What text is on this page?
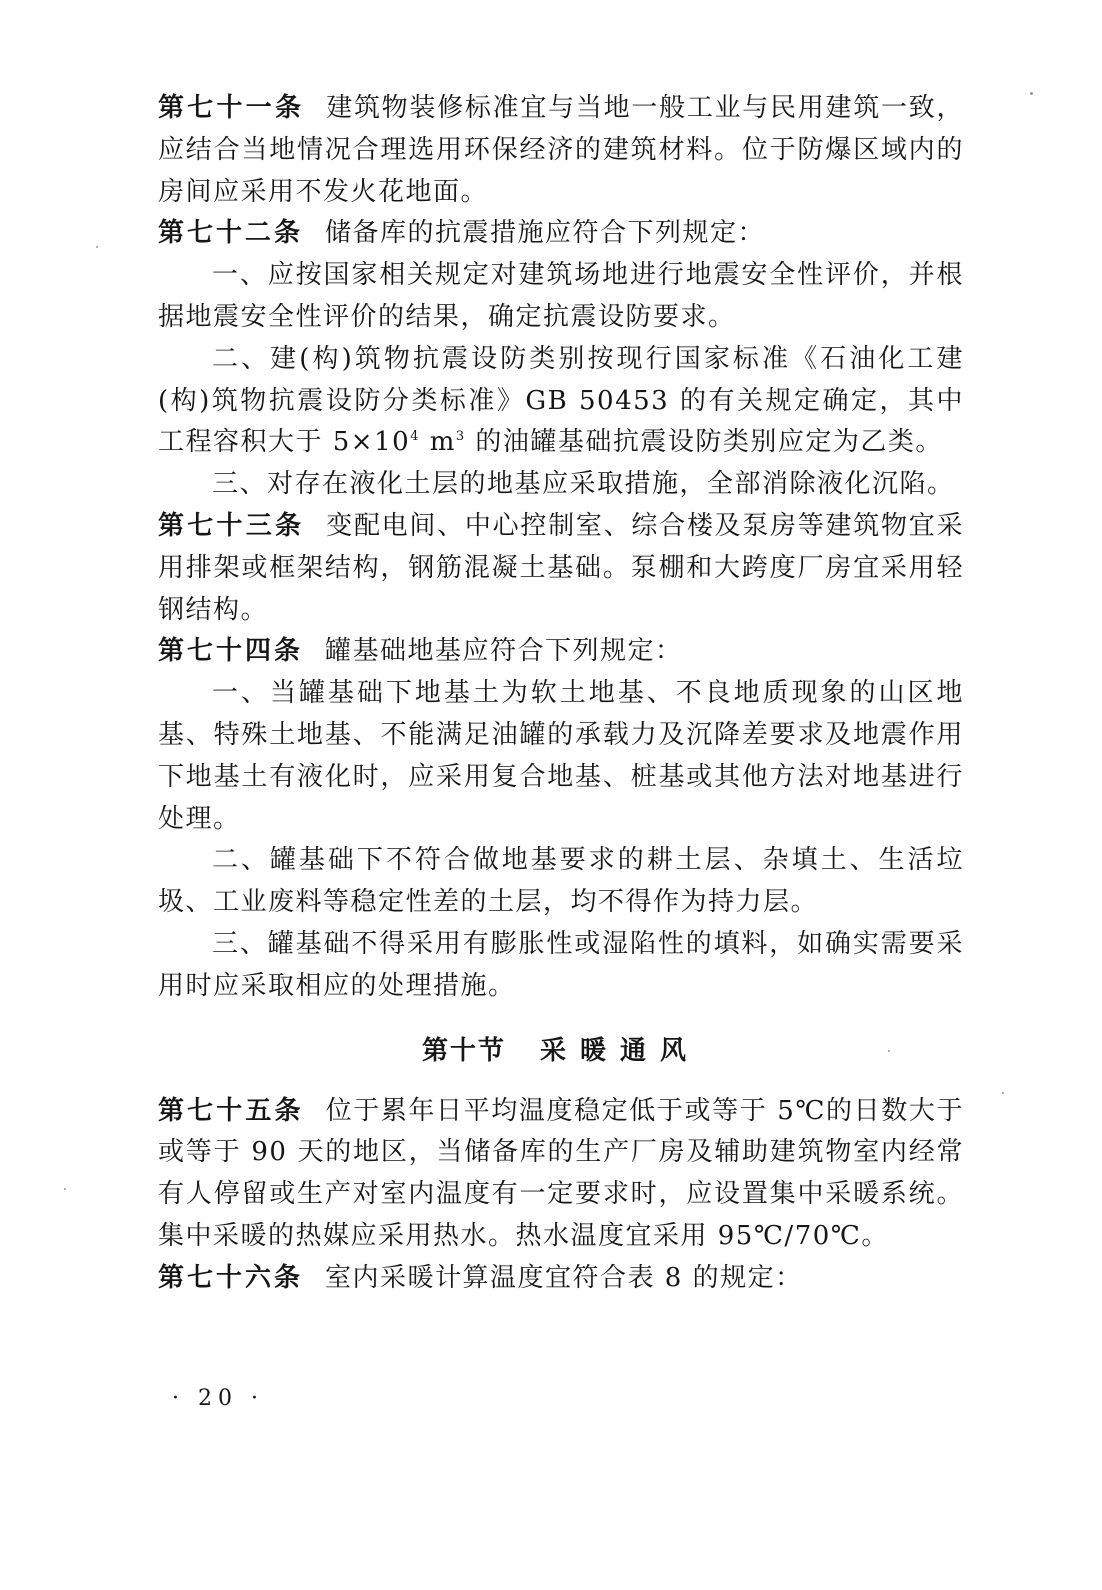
第七十一条 建筑物装修标准宜与当地一般工业与民用建筑一致，应结合当地情况合理选用环保经济的建筑材料。位于防爆区域内的房间应采用不发火花地面。

第七十二条 储备库的抗震措施应符合下列规定：

一、应按国家相关规定对建筑场地进行地震安全性评价，并根据地震安全性评价的结果，确定抗震设防要求。

二、建(构)筑物抗震设防类别按现行国家标准《石油化工建(构)筑物抗震设防分类标准》GB 50453 的有关规定确定，其中工程容积大于 $5\times 10^4$ $m^3$ 的油罐基础抗震设防类别应定为乙类。

三、对存在液化土层的地基应采取措施，全部消除液化沉陷。

第七十三条 变配电间、中心控制室、综合楼及泵房等建筑物宜采用排架或框架结构，钢筋混凝土基础。泵棚和大跨度厂房宜采用轻钢结构。

第七十四条 罐基础地基应符合下列规定：

一、当罐基础下地基土为软土地基、不良地质现象的山区地基、特殊土地基、不能满足油罐的承载力及沉降差要求及地震作用下地基土有液化时，应采用复合地基、桩基或其他方法对地基进行处理。

二、罐基础下不符合做地基要求的耕土层、杂填土、生活垃圾、工业废料等稳定性差的土层，均不得作为持力层。

三、罐基础不得采用有膨胀性或湿陷性的填料，如确实需要采用时应采取相应的处理措施。

第十节 采暖通风

第七十五条 位于累年日平均温度稳定低于或等于 5℃的日数大于或等于 90 天的地区，当储备库的生产厂房及辅助建筑物室内经常有人停留或生产对室内温度有一定要求时，应设置集中采暖系统。集中采暖的热媒应采用热水。热水温度宜采用 95℃/70℃。

第七十六条 室内采暖计算温度宜符合表 8 的规定：

· 20 ·
